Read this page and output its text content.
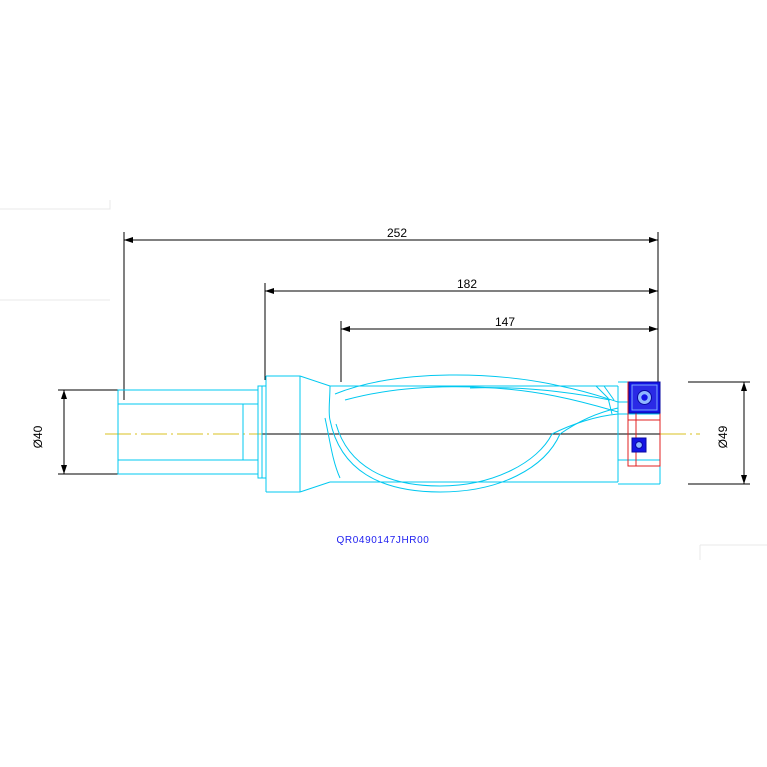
252
182
147
Ø40	Ø49
QR0490147JHR00
